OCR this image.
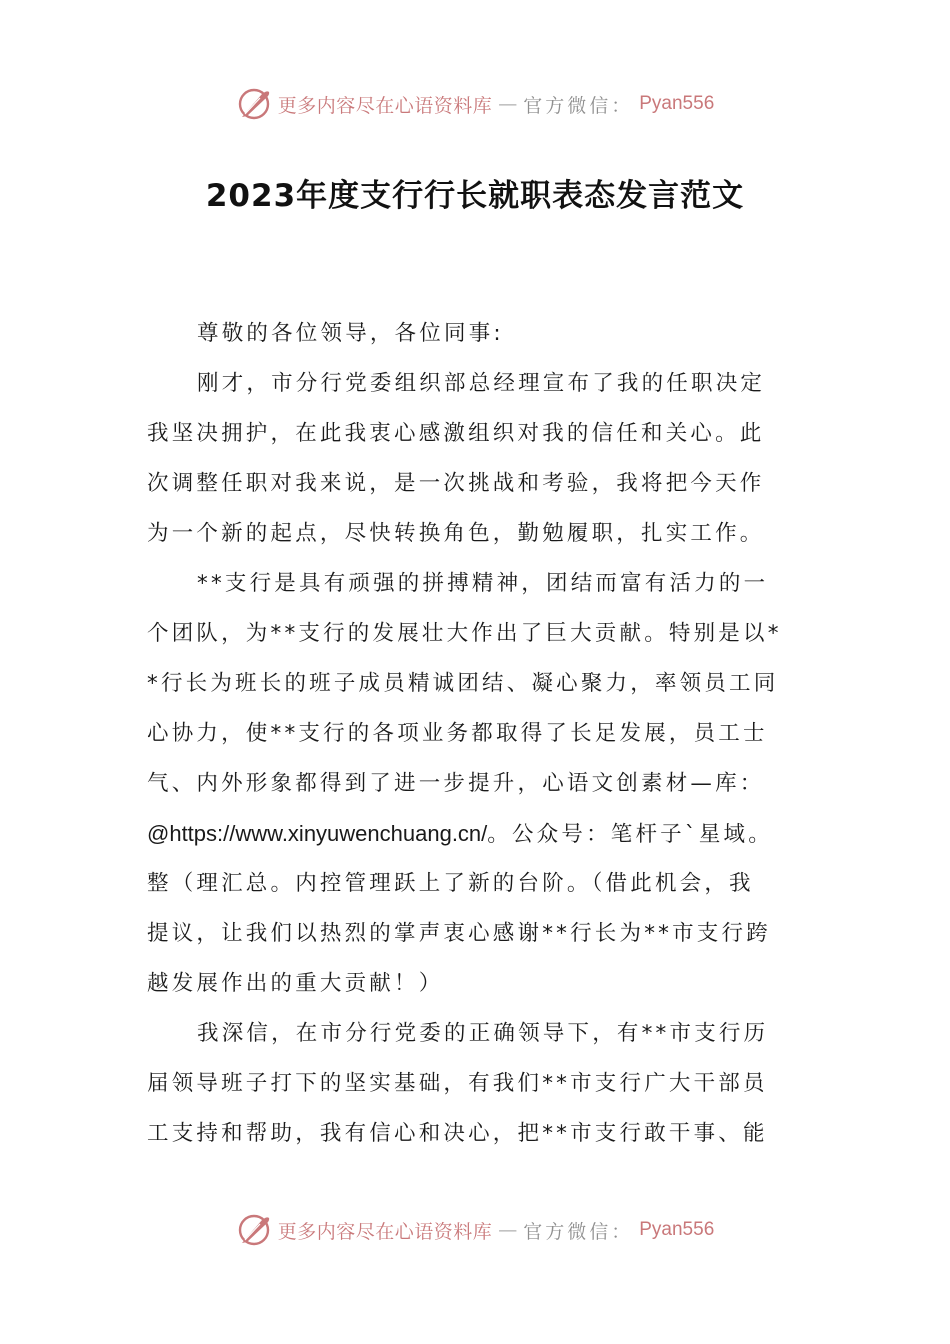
更多内容尽在心语资料库 — 官方微信： Pyan556
2023年度支行行长就职表态发言范文
尊敬的各位领导，各位同事:
刚才，市分行党委组织部总经理宣布了我的任职决定
我坚决拥护，在此我衷心感激组织对我的信任和关心。此
次调整任职对我来说，是一次挑战和考验，我将把今天作
为一个新的起点，尽快转换角色，勤勉履职，扎实工作。
**支行是具有顽强的拼搏精神，团结而富有活力的一
个团队，为**支行的发展壮大作出了巨大贡献。特别是以*
*行长为班长的班子成员精诚团结、凝心聚力，率领员工同
心协力，使**支行的各项业务都取得了长足发展，员工士
气、内外形象都得到了进一步提升，心语文创素材—库：
@https://www.xinyuwenchuang.cn/。公众号：笔杆子`星域。
整（理汇总。内控管理跃上了新的台阶。（借此机会，我
提议，让我们以热烈的掌声衷心感谢**行长为**市支行跨
越发展作出的重大贡献！）
我深信，在市分行党委的正确领导下，有**市支行历
届领导班子打下的坚实基础，有我们**市支行广大干部员
工支持和帮助，我有信心和决心，把**市支行敢干事、能
更多内容尽在心语资料库 — 官方微信： Pyan556
